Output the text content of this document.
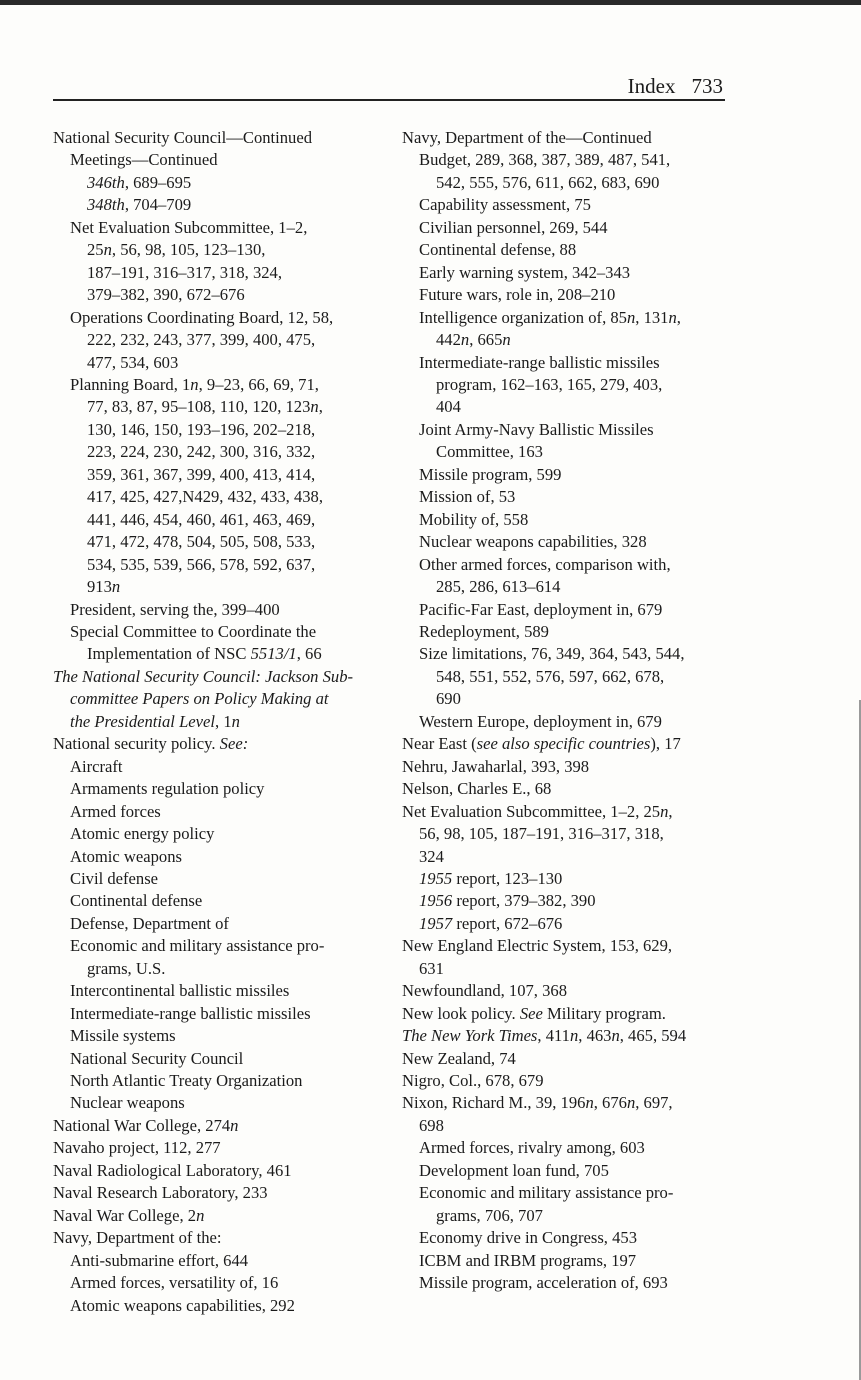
Index 733
National Security Council—Continued
Meetings—Continued
346th, 689–695
348th, 704–709
Net Evaluation Subcommittee, 1–2,
25n, 56, 98, 105, 123–130,
187–191, 316–317, 318, 324,
379–382, 390, 672–676
Operations Coordinating Board, 12, 58,
222, 232, 243, 377, 399, 400, 475,
477, 534, 603
Planning Board, 1n, 9–23, 66, 69, 71,
77, 83, 87, 95–108, 110, 120, 123n,
130, 146, 150, 193–196, 202–218,
223, 224, 230, 242, 300, 316, 332,
359, 361, 367, 399, 400, 413, 414,
417, 425, 427,N429, 432, 433, 438,
441, 446, 454, 460, 461, 463, 469,
471, 472, 478, 504, 505, 508, 533,
534, 535, 539, 566, 578, 592, 637,
913n
President, serving the, 399–400
Special Committee to Coordinate the
Implementation of NSC 5513/1, 66
The National Security Council: Jackson Sub-
committee Papers on Policy Making at
the Presidential Level, 1n
National security policy. See:
Aircraft
Armaments regulation policy
Armed forces
Atomic energy policy
Atomic weapons
Civil defense
Continental defense
Defense, Department of
Economic and military assistance pro-
grams, U.S.
Intercontinental ballistic missiles
Intermediate-range ballistic missiles
Missile systems
National Security Council
North Atlantic Treaty Organization
Nuclear weapons
National War College, 274n
Navaho project, 112, 277
Naval Radiological Laboratory, 461
Naval Research Laboratory, 233
Naval War College, 2n
Navy, Department of the:
Anti-submarine effort, 644
Armed forces, versatility of, 16
Atomic weapons capabilities, 292
Navy, Department of the—Continued
Budget, 289, 368, 387, 389, 487, 541,
542, 555, 576, 611, 662, 683, 690
Capability assessment, 75
Civilian personnel, 269, 544
Continental defense, 88
Early warning system, 342–343
Future wars, role in, 208–210
Intelligence organization of, 85n, 131n,
442n, 665n
Intermediate-range ballistic missiles
program, 162–163, 165, 279, 403,
404
Joint Army-Navy Ballistic Missiles
Committee, 163
Missile program, 599
Mission of, 53
Mobility of, 558
Nuclear weapons capabilities, 328
Other armed forces, comparison with,
285, 286, 613–614
Pacific-Far East, deployment in, 679
Redeployment, 589
Size limitations, 76, 349, 364, 543, 544,
548, 551, 552, 576, 597, 662, 678,
690
Western Europe, deployment in, 679
Near East (see also specific countries), 17
Nehru, Jawaharlal, 393, 398
Nelson, Charles E., 68
Net Evaluation Subcommittee, 1–2, 25n,
56, 98, 105, 187–191, 316–317, 318,
324
1955 report, 123–130
1956 report, 379–382, 390
1957 report, 672–676
New England Electric System, 153, 629,
631
Newfoundland, 107, 368
New look policy. See Military program.
The New York Times, 411n, 463n, 465, 594
New Zealand, 74
Nigro, Col., 678, 679
Nixon, Richard M., 39, 196n, 676n, 697,
698
Armed forces, rivalry among, 603
Development loan fund, 705
Economic and military assistance pro-
grams, 706, 707
Economy drive in Congress, 453
ICBM and IRBM programs, 197
Missile program, acceleration of, 693
